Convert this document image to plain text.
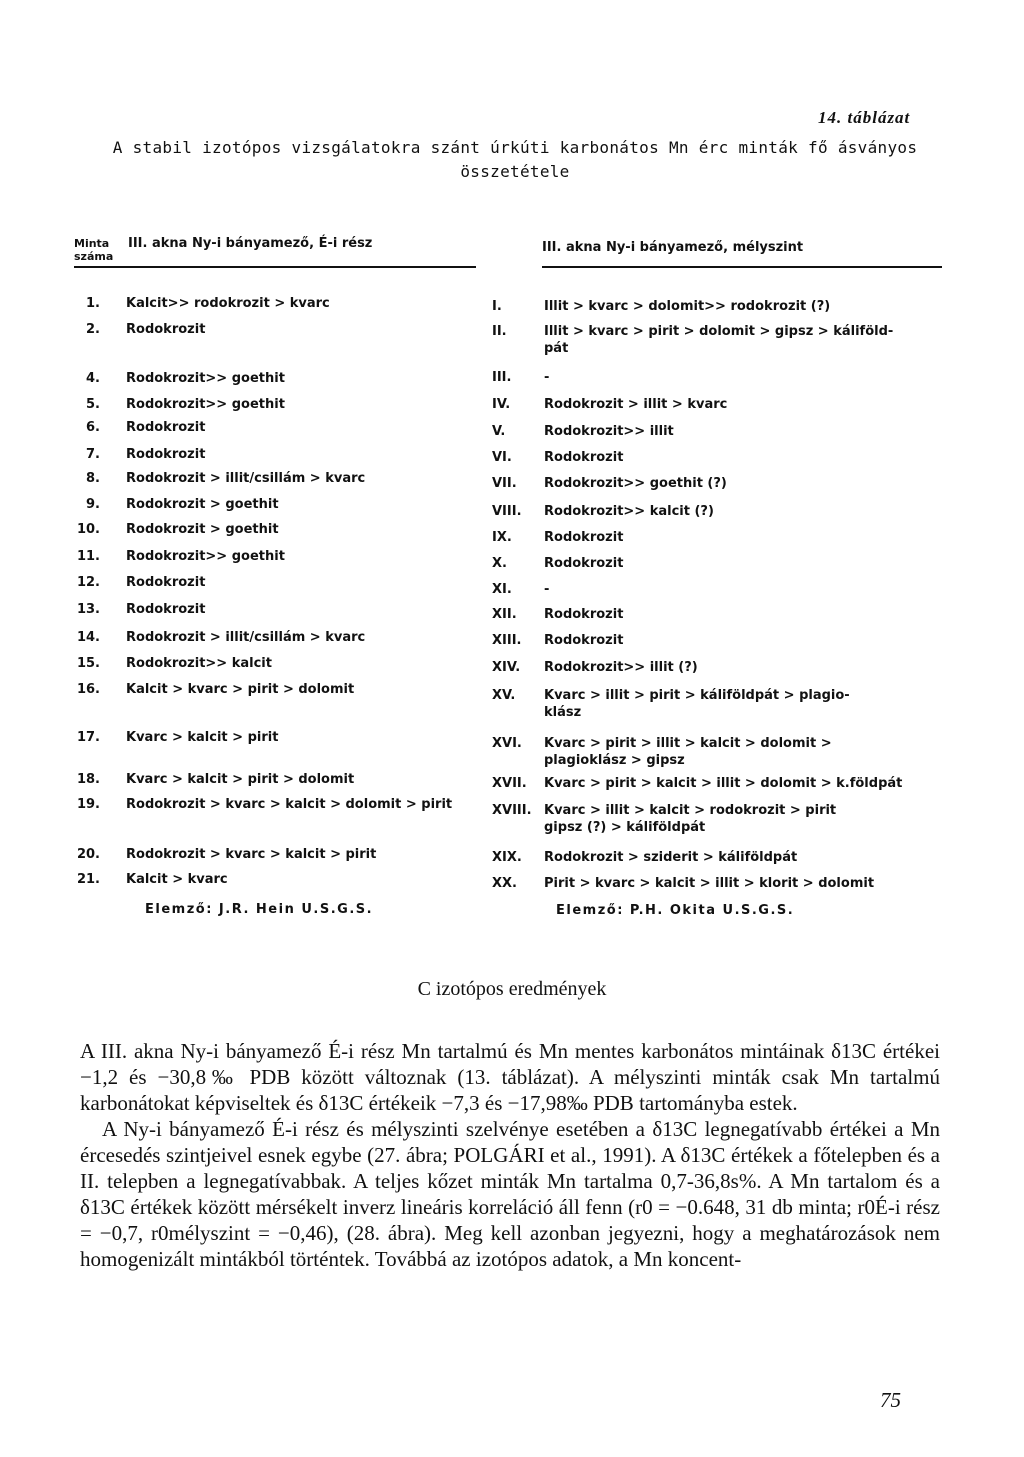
14. táblázat
A stabil izotópos vizsgálatokra szánt úrkúti karbonátos Mn érc minták fő ásványos összetétele
Minta száma
III. akna Ny-i bányamező, É-i rész	III. akna Ny-i bányamező, mélyszint
1. Kalcit>> rodokrozit > kvarc
2. Rodokrozit
4. Rodokrozit>> goethit
5. Rodokrozit>> goethit
6. Rodokrozit
7. Rodokrozit
8. Rodokrozit > illit/csillám > kvarc
9. Rodokrozit > goethit
10. Rodokrozit > goethit
11. Rodokrozit>> goethit
12. Rodokrozit
13. Rodokrozit
14. Rodokrozit > illit/csillám > kvarc
15. Rodokrozit>> kalcit
16. Kalcit > kvarc > pirit > dolomit
17. Kvarc > kalcit > pirit
18. Kvarc > kalcit > pirit > dolomit
19. Rodokrozit > kvarc > kalcit > dolomit > pirit
20. Rodokrozit > kvarc > kalcit > pirit
21. Kalcit > kvarc
I.	Illit > kvarc > dolomit>> rodokrozit (?)
II.	Illit > kvarc > pirit > dolomit > gipsz > káliföld-
pát
III.	-
IV.	Rodokrozit > illit > kvarc
V.	Rodokrozit>> illit
VI. Rodokrozit
VII. Rodokrozit>> goethit (?)
VIII. Rodokrozit>> kalcit (?)
IX. Rodokrozit
X.	Rodokrozit
XI. -
XII. Rodokrozit
XIII. Rodokrozit
XIV. Rodokrozit>> illit (?)
XV. Kvarc > illit > pirit > káliföldpát > plagio-
klász
XVI. Kvarc > pirit > illit > kalcit > dolomit >
plagioklász > gipsz
XVII. Kvarc > pirit > kalcit > illit > dolomit > k.földpát
XVIII. Kvarc > illit > kalcit > rodokrozit > pirit
gipsz (?) > káliföldpát
XIX. Rodokrozit > sziderit > káliföldpát
XX. Pirit > kvarc > kalcit > illit > klorit > dolomit
Elemző: J.R. Hein U.S.G.S.	Elemző: P.H. Okita U.S.G.S.
C izotópos eredmények

A III. akna Ny-i bányamező É-i rész Mn tartalmú és Mn mentes karbonátos mintáinak δ13C értékei −1,2 és −30,8‰ PDB között változnak (13. táblázat). A mélyszinti minták csak Mn tartalmú karbonátokat képviseltek és δ13C értékeik −7,3 és −17,98‰ PDB tartományba estek.

A Ny-i bányamező É-i rész és mélyszinti szelvénye esetében a δ13C legnegatívabb értékei a Mn ércesedés szintjeivel esnek egybe (27. ábra; POLGÁRI et al., 1991). A δ13C értékek a főtelepben és a II. telepben a legnegatívabbak. A teljes kőzet minták Mn tartalma 0,7-36,8s%. A Mn tartalom és a δ13C értékek között mérsékelt inverz lineáris korreláció áll fenn (r0 = −0.648, 31 db minta; r0É-i rész = −0,7, r0mélyszint = −0,46), (28. ábra). Meg kell azonban jegyezni, hogy a meghatározások nem homogenizált mintákból történtek. Továbbá az izotópos adatok, a Mn koncent-

75
